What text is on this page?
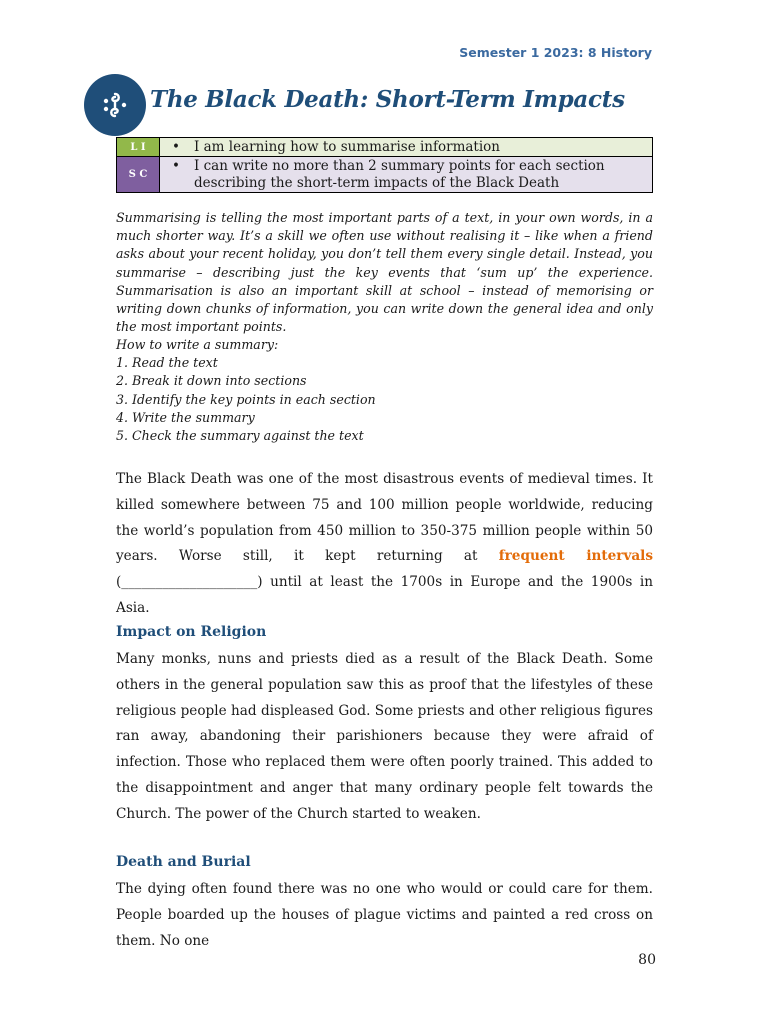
Semester 1 2023: 8 History
The Black Death: Short-Term Impacts
L I	• I am learning how to summarise information

S C	• I can write no more than 2 summary points for each section describing the short-term impacts of the Black Death
Summarising is telling the most important parts of a text, in your own words, in a much shorter way. It’s a skill we often use without realising it – like when a friend asks about your recent holiday, you don’t tell them every single detail. Instead, you summarise – describing just the key events that ‘sum up’ the experience. Summarisation is also an important skill at school – instead of memorising or writing down chunks of information, you can write down the general idea and only the most important points.
How to write a summary:
1. Read the text
2. Break it down into sections
3. Identify the key points in each section
4. Write the summary
5. Check the summary against the text
The Black Death was one of the most disastrous events of medieval times. It killed somewhere between 75 and 100 million people worldwide, reducing the world’s population from 450 million to 350-375 million people within 50 years. Worse still, it kept returning at frequent intervals (____________________) until at least the 1700s in Europe and the 1900s in Asia.
Impact on Religion
Many monks, nuns and priests died as a result of the Black Death. Some others in the general population saw this as proof that the lifestyles of these religious people had displeased God. Some priests and other religious figures ran away, abandoning their parishioners because they were afraid of infection. Those who replaced them were often poorly trained. This added to the disappointment and anger that many ordinary people felt towards the Church. The power of the Church started to weaken.
Death and Burial
The dying often found there was no one who would or could care for them. People boarded up the houses of plague victims and painted a red cross on them. No one
80
